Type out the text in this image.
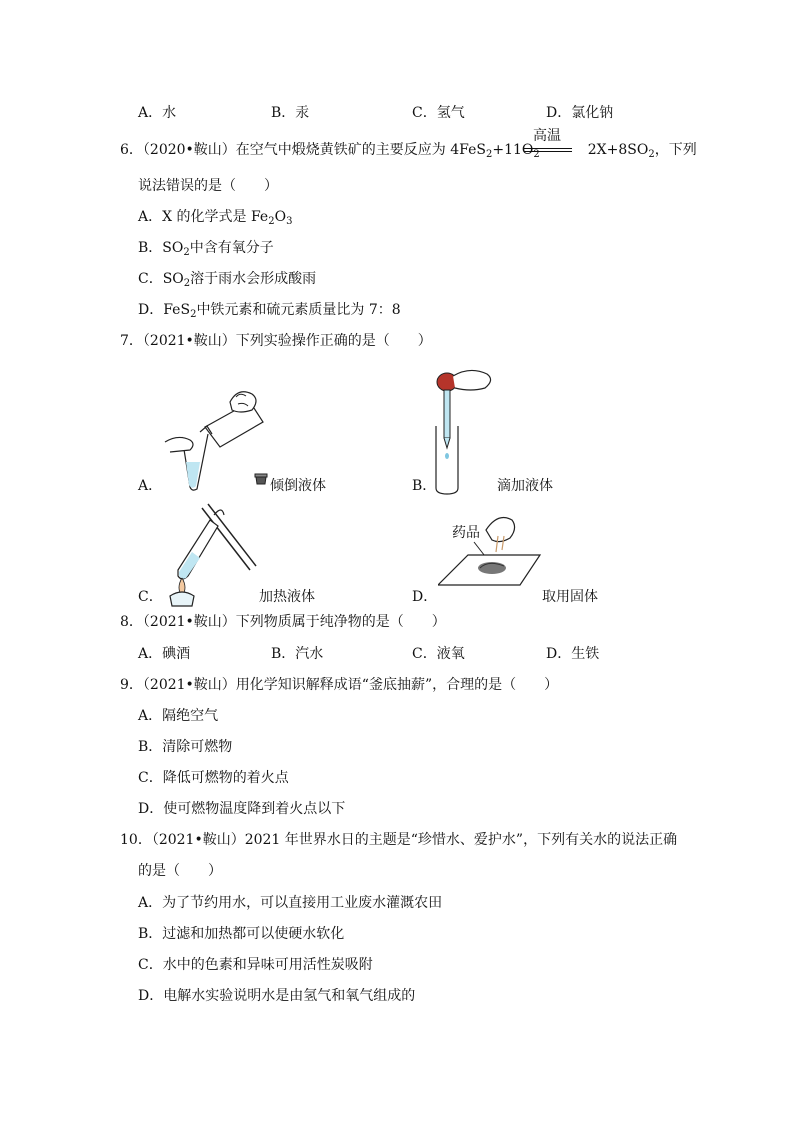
A．水	B．汞	C．氢气	D．氯化钠
6．（2020•鞍山）在空气中煅烧黄铁矿的主要反应为 $4FeS_2+11O_2$	$2X+8SO_2$，下列
高温
说法错误的是（　　）
A．X 的化学式是 $Fe_2O_3$
B．$SO_2$中含有氧分子
C．$SO_2$溶于雨水会形成酸雨
D．FeS$_2$中铁元素和硫元素质量比为 7：8
7．（2021•鞍山）下列实验操作正确的是（　　）
A．	倾倒液体	B．	滴加液体
C．	加热液体
药品
D．	取用固体
8．（2021•鞍山）下列物质属于纯净物的是（　　）
A．碘酒	B．汽水	C．液氧	D．生铁
9．（2021•鞍山）用化学知识解释成语“釜底抽薪”，合理的是（　　）
A．隔绝空气
B．清除可燃物
C．降低可燃物的着火点
D．使可燃物温度降到着火点以下
10．（2021•鞍山）2021 年世界水日的主题是“珍惜水、爱护水”，下列有关水的说法正确
的是（　　）
A．为了节约用水，可以直接用工业废水灌溉农田
B．过滤和加热都可以使硬水软化
C．水中的色素和异味可用活性炭吸附
D．电解水实验说明水是由氢气和氧气组成的
